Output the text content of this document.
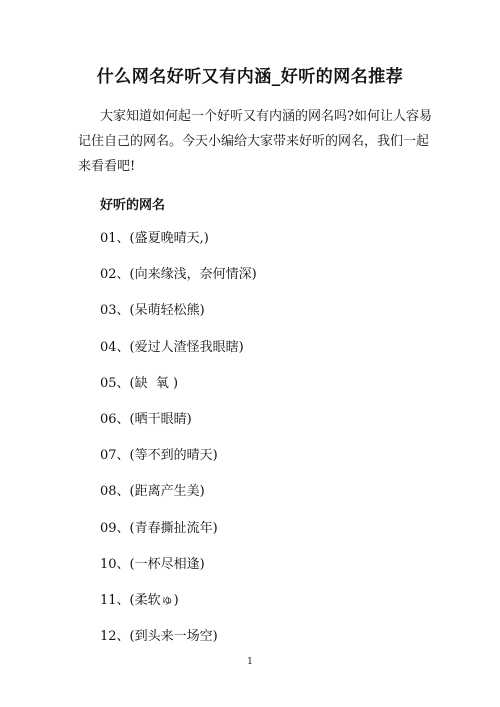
什么网名好听又有内涵_好听的网名推荐
大家知道如何起一个好听又有内涵的网名吗?如何让人容易
记住自己的网名。今天小编给大家带来好听的网名，我们一起
来看看吧!
好听的网名
01、(盛夏晚晴天,)
02、(向来缘浅，奈何情深)
03、(呆萌轻松熊)
04、(爱过人渣怪我眼瞎)
05、(缺  氧 )
06、(晒干眼睛)
07、(等不到的晴天)
08、(距离产生美)
09、(青春撕扯流年)
10、(一杯尽相逢)
11、(柔软ゅ)
12、(到头来一场空)
1
